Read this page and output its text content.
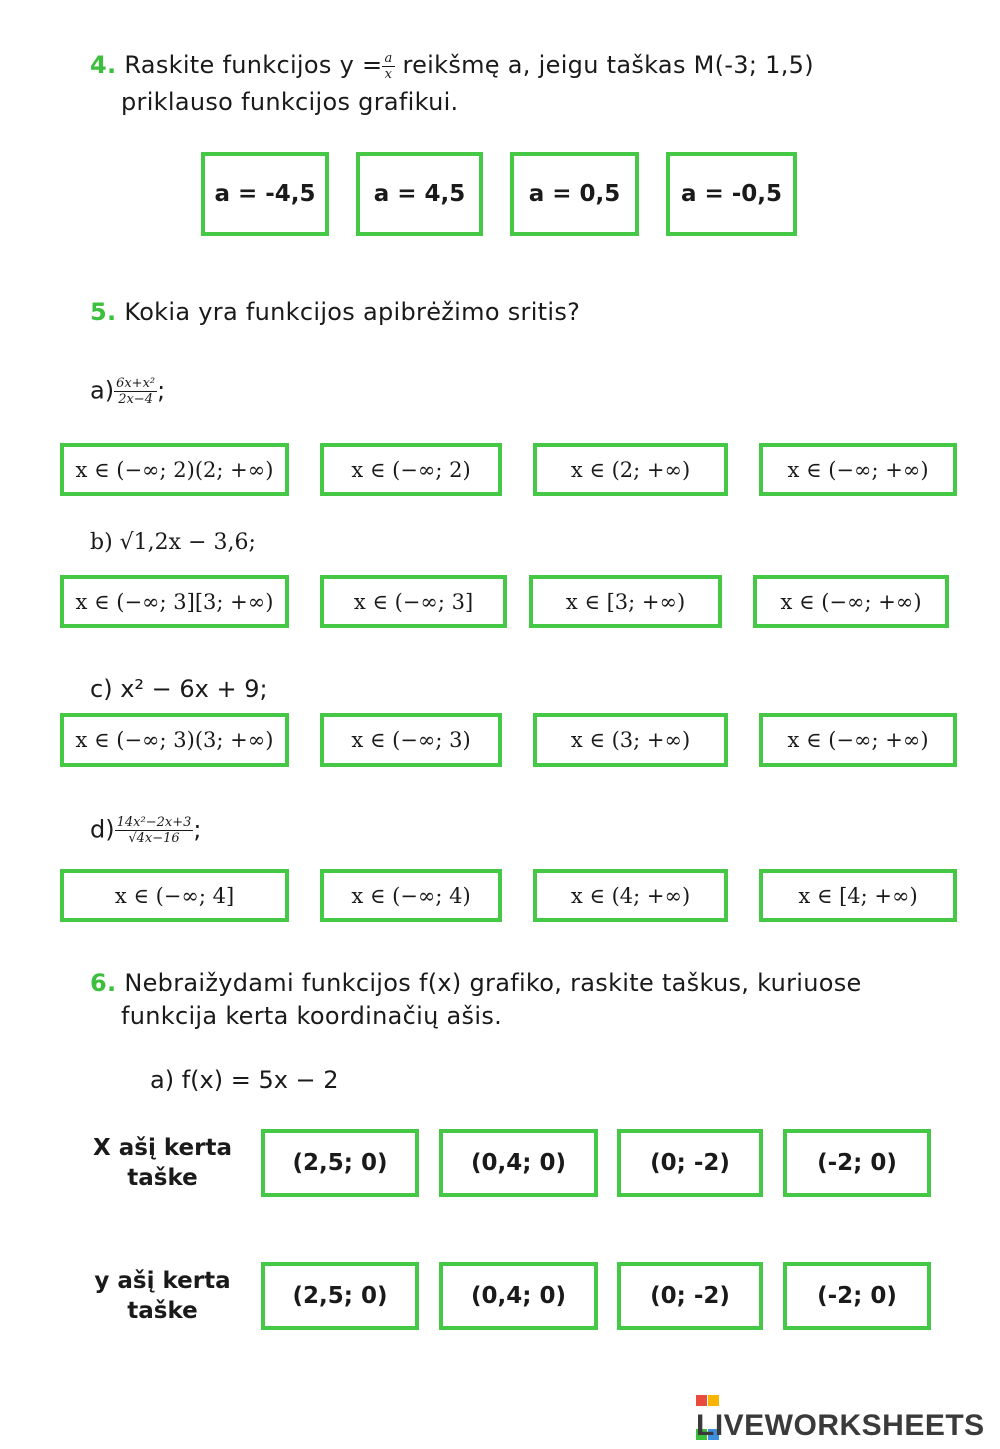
4. Raskite funkcijos $y = \frac{a}{x}$ reikšmę a, jeigu taškas M(-3; 1,5)
priklauso funkcijos grafikui.
a = -4,5	a = 4,5	a = 0,5	a = -0,5
5. Kokia yra funkcijos apibrėžimo sritis?
$a) \frac{\text{6x+x²}}{2x-4}$ ;
x ∈ (−∞; 2)(2; +∞)	x ∈ (−∞; 2)	x ∈ (2; +∞)	x ∈ (−∞; +∞)
b) √1,2x − 3,6;
x ∈ (−∞; 3][3; +∞)	x ∈ (−∞; 3]	x ∈ [3; +∞)	x ∈ (−∞; +∞)
c) x² − 6x + 9;
x ∈ (−∞; 3)(3; +∞)	x ∈ (−∞; 3)	x ∈ (3; +∞)	x ∈ (−∞; +∞)
$d) \frac{\text{14x²−2x+3}}{√4x-16}$ ;
x ∈ (−∞; 4]	x ∈ (−∞; 4)	x ∈ (4; +∞)	x ∈ [4; +∞)
6. Nebraižydami funkcijos f(x) grafiko, raskite taškus, kuriuose
funkcija kerta koordinačių ašis.
a) f(x) = 5x − 2
X ašį kerta
taške
(2,5; 0)	(0,4; 0)	(0; -2)	(-2; 0)
y ašį kerta
taške
(2,5; 0)	(0,4; 0)	(0; -2)	(-2; 0)
LIVEWORKSHEETS
